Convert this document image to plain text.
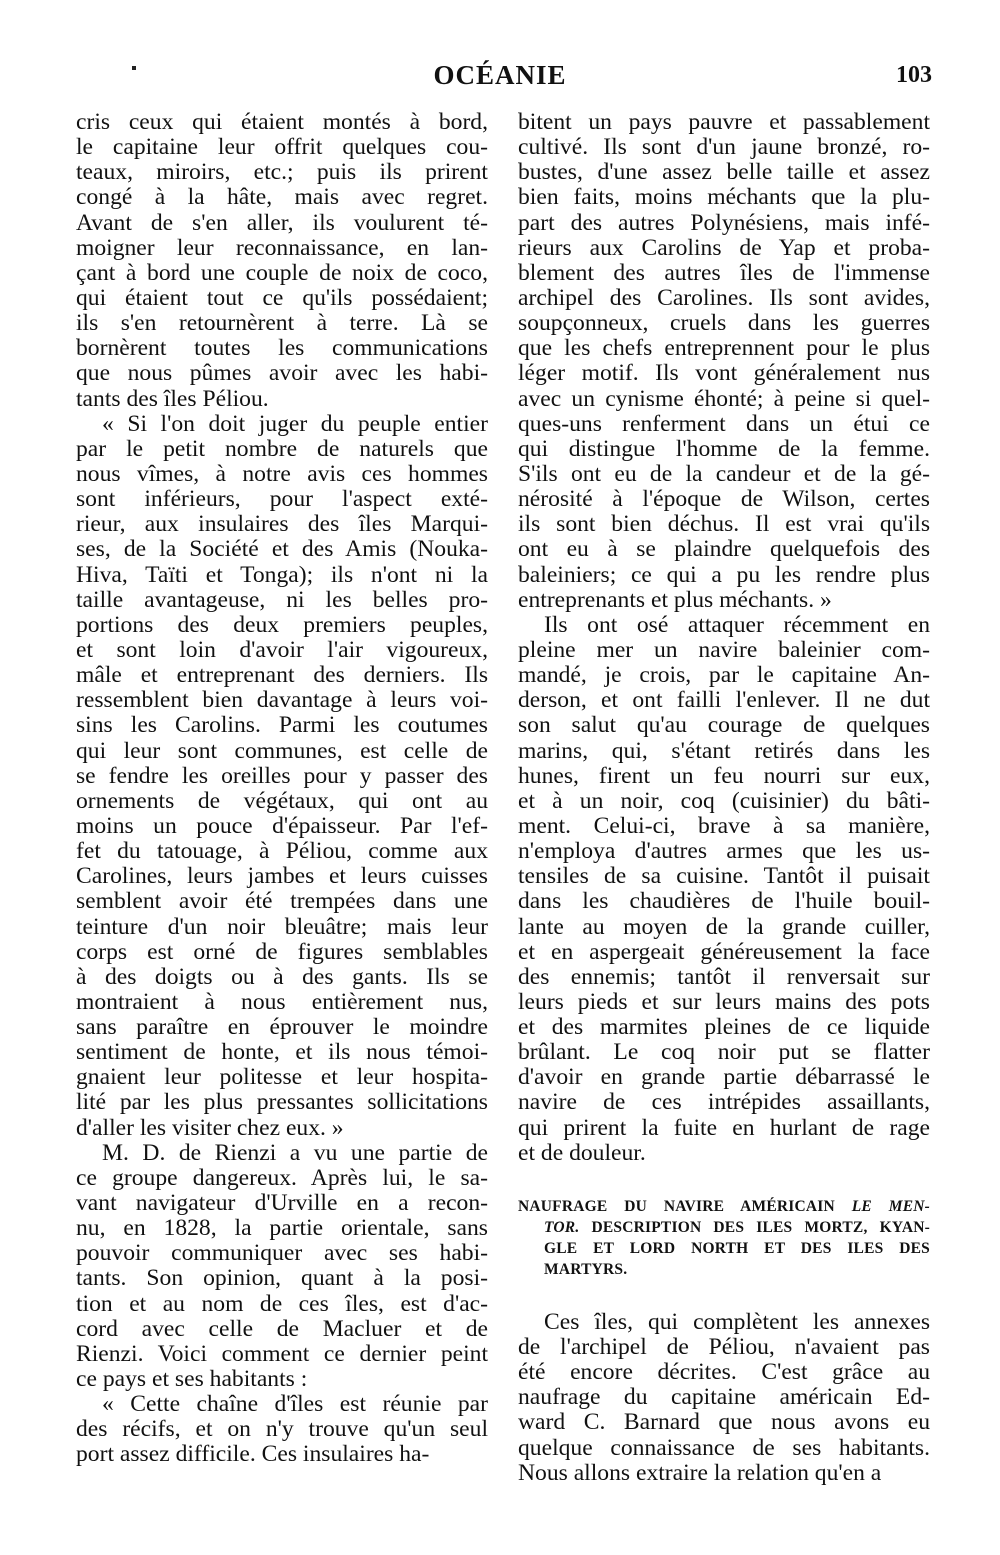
OCÉANIE	103
cris ceux qui étaient montés à bord,
le capitaine leur offrit quelques cou-
teaux, miroirs, etc.; puis ils prirent
congé à la hâte, mais avec regret.
Avant de s'en aller, ils voulurent té-
moigner leur reconnaissance, en lan-
çant à bord une couple de noix de coco,
qui étaient tout ce qu'ils possédaient;
ils s'en retournèrent à terre. Là se
bornèrent toutes les communications
que nous pûmes avoir avec les habi-
tants des îles Péliou.
« Si l'on doit juger du peuple entier
par le petit nombre de naturels que
nous vîmes, à notre avis ces hommes
sont inférieurs, pour l'aspect exté-
rieur, aux insulaires des îles Marqui-
ses, de la Société et des Amis (Nouka-
Hiva, Taïti et Tonga); ils n'ont ni la
taille avantageuse, ni les belles pro-
portions des deux premiers peuples,
et sont loin d'avoir l'air vigoureux,
mâle et entreprenant des derniers. Ils
ressemblent bien davantage à leurs voi-
sins les Carolins. Parmi les coutumes
qui leur sont communes, est celle de
se fendre les oreilles pour y passer des
ornements de végétaux, qui ont au
moins un pouce d'épaisseur. Par l'ef-
fet du tatouage, à Péliou, comme aux
Carolines, leurs jambes et leurs cuisses
semblent avoir été trempées dans une
teinture d'un noir bleuâtre; mais leur
corps est orné de figures semblables
à des doigts ou à des gants. Ils se
montraient à nous entièrement nus,
sans paraître en éprouver le moindre
sentiment de honte, et ils nous témoi-
gnaient leur politesse et leur hospita-
lité par les plus pressantes sollicitations
d'aller les visiter chez eux. »
M. D. de Rienzi a vu une partie de
ce groupe dangereux. Après lui, le sa-
vant navigateur d'Urville en a recon-
nu, en 1828, la partie orientale, sans
pouvoir communiquer avec ses habi-
tants. Son opinion, quant à la posi-
tion et au nom de ces îles, est d'ac-
cord avec celle de Macluer et de
Rienzi. Voici comment ce dernier peint
ce pays et ses habitants :
« Cette chaîne d'îles est réunie par
des récifs, et on n'y trouve qu'un seul
port assez difficile. Ces insulaires ha-
bitent un pays pauvre et passablement
cultivé. Ils sont d'un jaune bronzé, ro-
bustes, d'une assez belle taille et assez
bien faits, moins méchants que la plu-
part des autres Polynésiens, mais infé-
rieurs aux Carolins de Yap et proba-
blement des autres îles de l'immense
archipel des Carolines. Ils sont avides,
soupçonneux, cruels dans les guerres
que les chefs entreprennent pour le plus
léger motif. Ils vont généralement nus
avec un cynisme éhonté; à peine si quel-
ques-uns renferment dans un étui ce
qui distingue l'homme de la femme.
S'ils ont eu de la candeur et de la gé-
nérosité à l'époque de Wilson, certes
ils sont bien déchus. Il est vrai qu'ils
ont eu à se plaindre quelquefois des
baleiniers; ce qui a pu les rendre plus
entreprenants et plus méchants. »
Ils ont osé attaquer récemment en
pleine mer un navire baleinier com-
mandé, je crois, par le capitaine An-
derson, et ont failli l'enlever. Il ne dut
son salut qu'au courage de quelques
marins, qui, s'étant retirés dans les
hunes, firent un feu nourri sur eux,
et à un noir, coq (cuisinier) du bâti-
ment. Celui-ci, brave à sa manière,
n'employa d'autres armes que les us-
tensiles de sa cuisine. Tantôt il puisait
dans les chaudières de l'huile bouil-
lante au moyen de la grande cuiller,
et en aspergeait généreusement la face
des ennemis; tantôt il renversait sur
leurs pieds et sur leurs mains des pots
et des marmites pleines de ce liquide
brûlant. Le coq noir put se flatter
d'avoir en grande partie débarrassé le
navire de ces intrépides assaillants,
qui prirent la fuite en hurlant de rage
et de douleur.
NAUFRAGE DU NAVIRE AMÉRICAIN LE MEN-
TOR. DESCRIPTION DES ILES MORTZ, KYAN-
GLE ET LORD NORTH ET DES ILES DES
MARTYRS.
Ces îles, qui complètent les annexes
de l'archipel de Péliou, n'avaient pas
été encore décrites. C'est grâce au
naufrage du capitaine américain Ed-
ward C. Barnard que nous avons eu
quelque connaissance de ses habitants.
Nous allons extraire la relation qu'en a
